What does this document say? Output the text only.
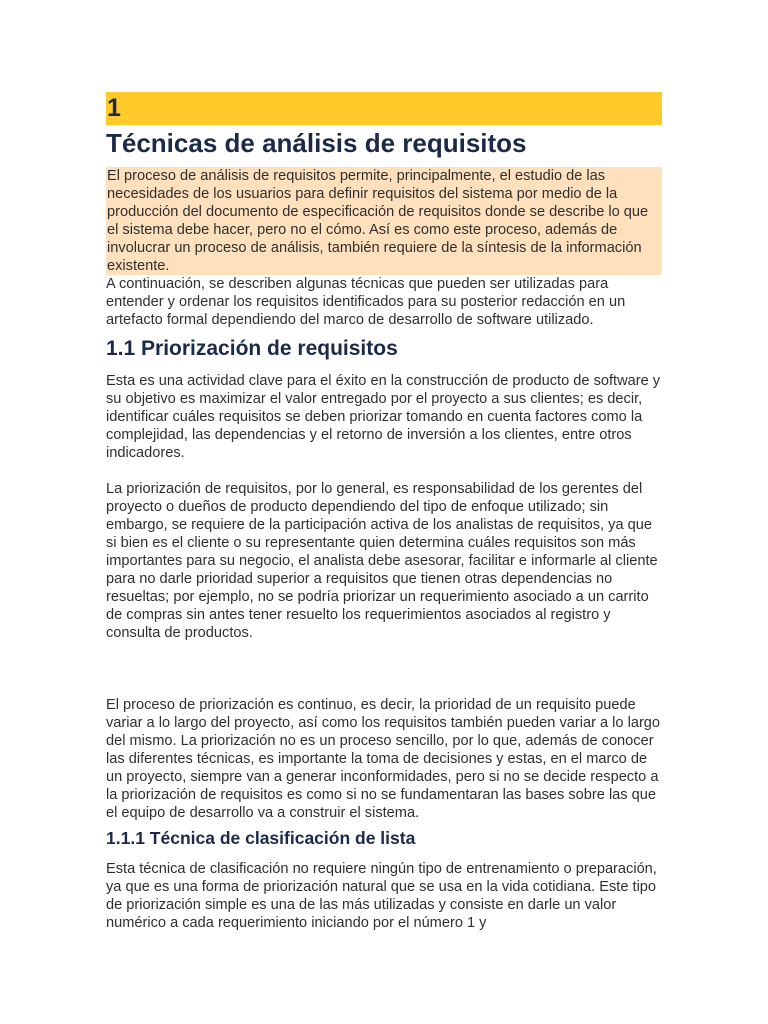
1
Técnicas de análisis de requisitos

El proceso de análisis de requisitos permite, principalmente, el estudio de las necesidades de los usuarios para definir requisitos del sistema por medio de la producción del documento de especificación de requisitos donde se describe lo que el sistema debe hacer, pero no el cómo. Así es como este proceso, además de involucrar un proceso de análisis, también requiere de la síntesis de la información existente.

A continuación, se describen algunas técnicas que pueden ser utilizadas para entender y ordenar los requisitos identificados para su posterior redacción en un artefacto formal dependiendo del marco de desarrollo de software utilizado.

1.1 Priorización de requisitos

Esta es una actividad clave para el éxito en la construcción de producto de software y su objetivo es maximizar el valor entregado por el proyecto a sus clientes; es decir, identificar cuáles requisitos se deben priorizar tomando en cuenta factores como la complejidad, las dependencias y el retorno de inversión a los clientes, entre otros indicadores.

La priorización de requisitos, por lo general, es responsabilidad de los gerentes del proyecto o dueños de producto dependiendo del tipo de enfoque utilizado; sin embargo, se requiere de la participación activa de los analistas de requisitos, ya que si bien es el cliente o su representante quien determina cuáles requisitos son más importantes para su negocio, el analista debe asesorar, facilitar e informarle al cliente para no darle prioridad superior a requisitos que tienen otras dependencias no resueltas; por ejemplo, no se podría priorizar un requerimiento asociado a un carrito de compras sin antes tener resuelto los requerimientos asociados al registro y consulta de productos.

El proceso de priorización es continuo, es decir, la prioridad de un requisito puede variar a lo largo del proyecto, así como los requisitos también pueden variar a lo largo del mismo. La priorización no es un proceso sencillo, por lo que, además de conocer las diferentes técnicas, es importante la toma de decisiones y estas, en el marco de un proyecto, siempre van a generar inconformidades, pero si no se decide respecto a la priorización de requisitos es como si no se fundamentaran las bases sobre las que el equipo de desarrollo va a construir el sistema.

1.1.1 Técnica de clasificación de lista

Esta técnica de clasificación no requiere ningún tipo de entrenamiento o preparación, ya que es una forma de priorización natural que se usa en la vida cotidiana. Este tipo de priorización simple es una de las más utilizadas y consiste en darle un valor numérico a cada requerimiento iniciando por el número 1 y
